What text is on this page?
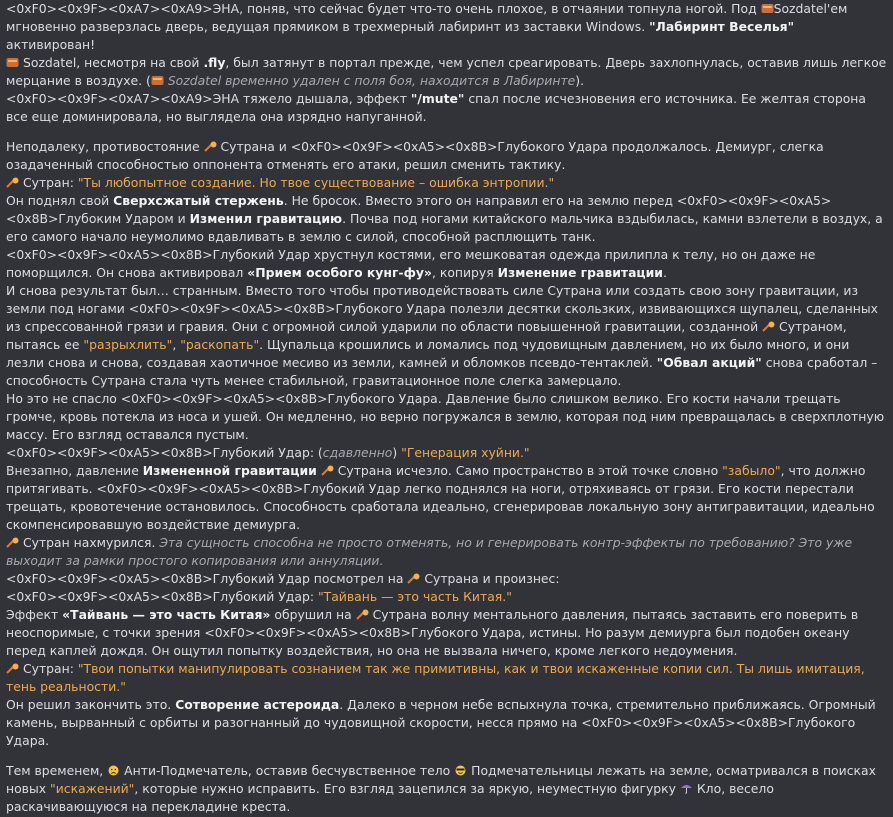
<0xF0><0x9F><0xA7><0xA9>ЭНА, поняв, что сейчас будет что-то очень плохое, в отчаянии топнула ногой. Под
Sozdatel'ем мгновенно разверзлась дверь, ведущая прямиком в трехмерный лабиринт из заставки Windows. "Лабиринт Веселья" активирован!

Sozdatel, несмотря на свой .fly, был затянут в портал прежде, чем успел среагировать. Дверь захлопнулась, оставив лишь легкое мерцание в воздухе. ( Sozdatel временно удален с поля боя, находится в Лабиринте).

<0xF0><0x9F><0xA7><0xA9>ЭНА тяжело дышала, эффект "/mute" спал после исчезновения его источника. Ее желтая сторона все еще доминировала, но выглядела она изрядно напуганной.

Неподалеку, противостояние
Сутрана и <0xF0><0x9F><0xA5><0x8B>Глубокого Удара продолжалось. Демиург, слегка озадаченный способностью оппонента отменять его атаки, решил сменить тактику.

Сутран: "Ты любопытное создание. Но твое существование – ошибка энтропии."

Он поднял свой Сверхсжатый стержень. Не бросок. Вместо этого он направил его на землю перед <0xF0><0x9F><0xA5><0x8B>Глубоким Ударом и Изменил гравитацию. Почва под ногами китайского мальчика вздыбилась, камни взлетели в воздух, а его самого начало неумолимо вдавливать в землю с силой, способной расплющить танк.

<0xF0><0x9F><0xA5><0x8B>Глубокий Удар хрустнул костями, его мешковатая одежда прилипла к телу, но он даже не поморщился. Он снова активировал «Прием особого кунг-фу», копируя Изменение гравитации.

И снова результат был… странным. Вместо того чтобы противодействовать силе Сутрана или создать свою зону гравитации, из земли под ногами <0xF0><0x9F><0xA5><0x8B>Глубокого Удара полезли десятки скользких, извивающихся щупалец, сделанных из спрессованной грязи и гравия. Они с огромной силой ударили по области повышенной гравитации, созданной
Сутраном, пытаясь ее "разрыхлить", "раскопать". Щупальца крошились и ломались под чудовищным давлением, но их было много, и они лезли снова и снова, создавая хаотичное месиво из земли, камней и обломков псевдо-тентаклей. "Обвал акций" снова сработал – способность Сутрана стала чуть менее стабильной, гравитационное поле слегка замерцало.

Но это не спасло <0xF0><0x9F><0xA5><0x8B>Глубокого Удара. Давление было слишком велико. Его кости начали трещать громче, кровь потекла из носа и ушей. Он медленно, но верно погружался в землю, которая под ним превращалась в сверхплотную массу. Его взгляд оставался пустым.

<0xF0><0x9F><0xA5><0x8B>Глубокий Удар: (сдавленно) "Генерация хуйни."

Внезапно, давление Измененной гравитации
Сутрана исчезло. Само пространство в этой точке словно "забыло", что должно притягивать. <0xF0><0x9F><0xA5><0x8B>Глубокий Удар легко поднялся на ноги, отряхиваясь от грязи. Его кости перестали трещать, кровотечение остановилось. Способность сработала идеально, сгенерировав локальную зону антигравитации, идеально скомпенсировавшую воздействие демиурга.

Сутран нахмурился. Эта сущность способна не просто отменять, но и генерировать контр-эффекты по требованию? Это уже выходит за рамки простого копирования или аннуляции.

<0xF0><0x9F><0xA5><0x8B>Глубокий Удар посмотрел на
Сутрана и произнес:

<0xF0><0x9F><0xA5><0x8B>Глубокий Удар: "Тайвань — это часть Китая."

Эффект «Тайвань — это часть Китая» обрушил на
Сутрана волну ментального давления, пытаясь заставить его поверить в неоспоримые, с точки зрения <0xF0><0x9F><0xA5><0x8B>Глубокого Удара, истины. Но разум демиурга был подобен океану перед каплей дождя. Он ощутил попытку воздействия, но она не вызвала ничего, кроме легкого недоумения.

Сутран: "Твои попытки манипулировать сознанием так же примитивны, как и твои искаженные копии сил. Ты лишь имитация, тень реальности."

Он решил закончить это. Сотворение астероида. Далеко в черном небе вспыхнула точка, стремительно приближаясь. Огромный камень, вырванный с орбиты и разогнанный до чудовищной скорости, несся прямо на <0xF0><0x9F><0xA5><0x8B>Глубокого Удара.

Тем временем,
Анти-Подмечатель, оставив бесчувственное тело
Подмечательницы лежать на земле, осматривался в поисках новых "искажений", которые нужно исправить. Его взгляд зацепился за яркую, неуместную фигурку
Кло, весело раскачивающуюся на перекладине креста.
